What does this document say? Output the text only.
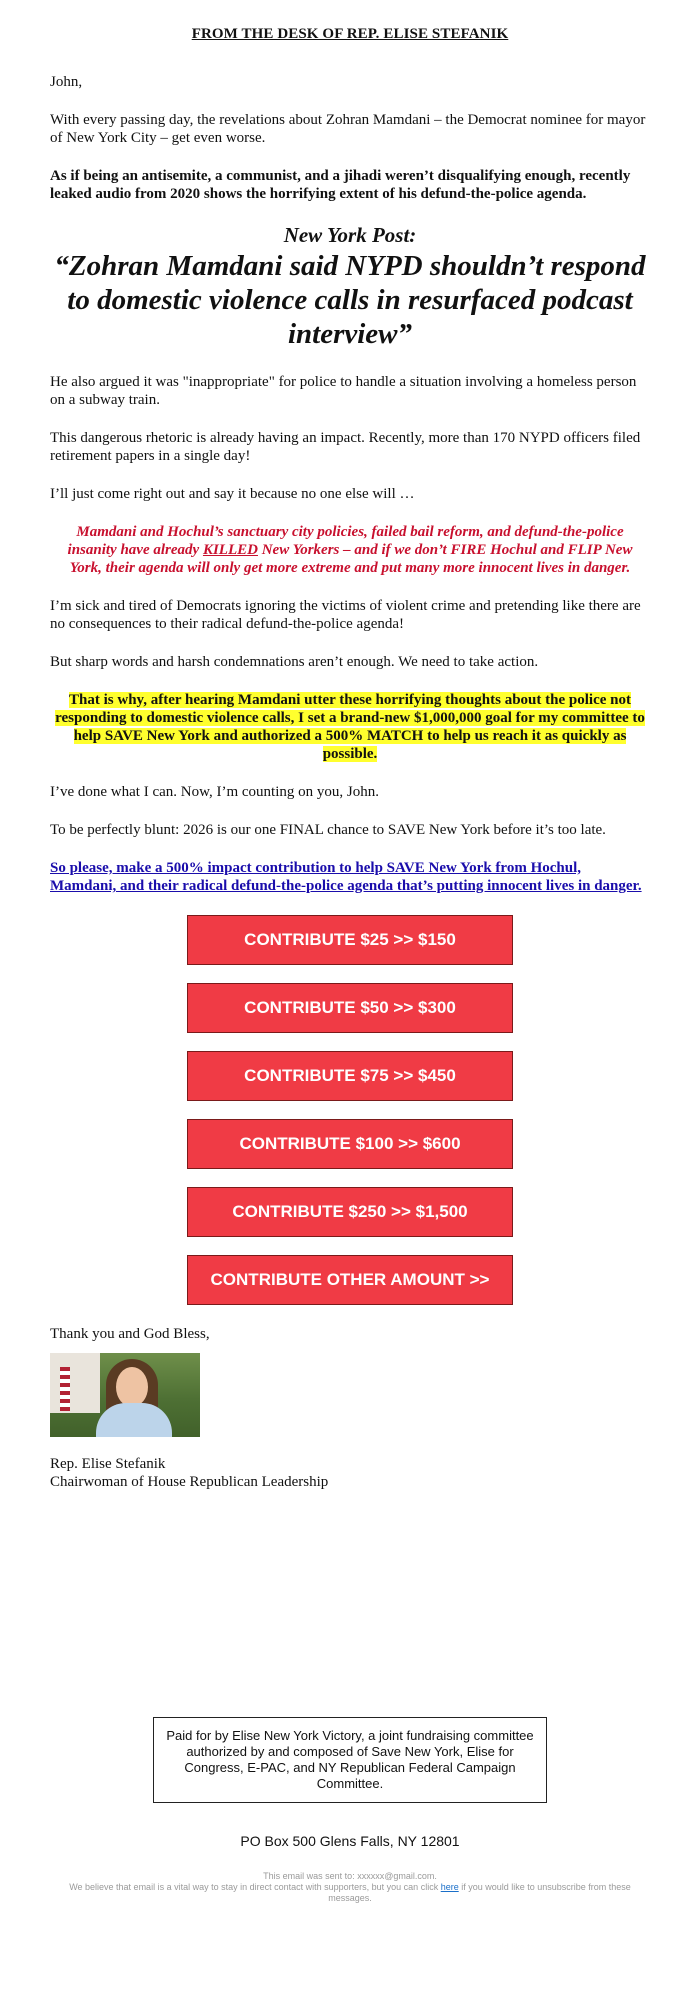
FROM THE DESK OF REP. ELISE STEFANIK

John,

With every passing day, the revelations about Zohran Mamdani – the Democrat nominee for mayor of New York City – get even worse.

As if being an antisemite, a communist, and a jihadi weren’t disqualifying enough, recently leaked audio from 2020 shows the horrifying extent of his defund-the-police agenda.

New York Post:
“Zohran Mamdani said NYPD shouldn’t respond to domestic violence calls in resurfaced podcast interview”

He also argued it was "inappropriate" for police to handle a situation involving a homeless person on a subway train.

This dangerous rhetoric is already having an impact. Recently, more than 170 NYPD officers filed retirement papers in a single day!

I’ll just come right out and say it because no one else will …

Mamdani and Hochul’s sanctuary city policies, failed bail reform, and defund-the-police insanity have already KILLED New Yorkers – and if we don’t FIRE Hochul and FLIP New York, their agenda will only get more extreme and put many more innocent lives in danger.

I’m sick and tired of Democrats ignoring the victims of violent crime and pretending like there are no consequences to their radical defund-the-police agenda!

But sharp words and harsh condemnations aren’t enough. We need to take action.

That is why, after hearing Mamdani utter these horrifying thoughts about the police not responding to domestic violence calls, I set a brand-new $1,000,000 goal for my committee to help SAVE New York and authorized a 500% MATCH to help us reach it as quickly as possible.

I’ve done what I can. Now, I’m counting on you, John.

To be perfectly blunt: 2026 is our one FINAL chance to SAVE New York before it’s too late.

So please, make a 500% impact contribution to help SAVE New York from Hochul, Mamdani, and their radical defund-the-police agenda that’s putting innocent lives in danger.

CONTRIBUTE $25 >> $150
CONTRIBUTE $50 >> $300
CONTRIBUTE $75 >> $450
CONTRIBUTE $100 >> $600
CONTRIBUTE $250 >> $1,500
CONTRIBUTE OTHER AMOUNT >>

Thank you and God Bless,

Rep. Elise Stefanik
Chairwoman of House Republican Leadership
Paid for by Elise New York Victory, a joint fundraising committee authorized by and composed of Save New York, Elise for Congress, E-PAC, and NY Republican Federal Campaign Committee.
PO Box 500 Glens Falls, NY 12801
This email was sent to: xxxxxx@gmail.com.
We believe that email is a vital way to stay in direct contact with supporters, but you can click here if you would like to unsubscribe from these messages.
